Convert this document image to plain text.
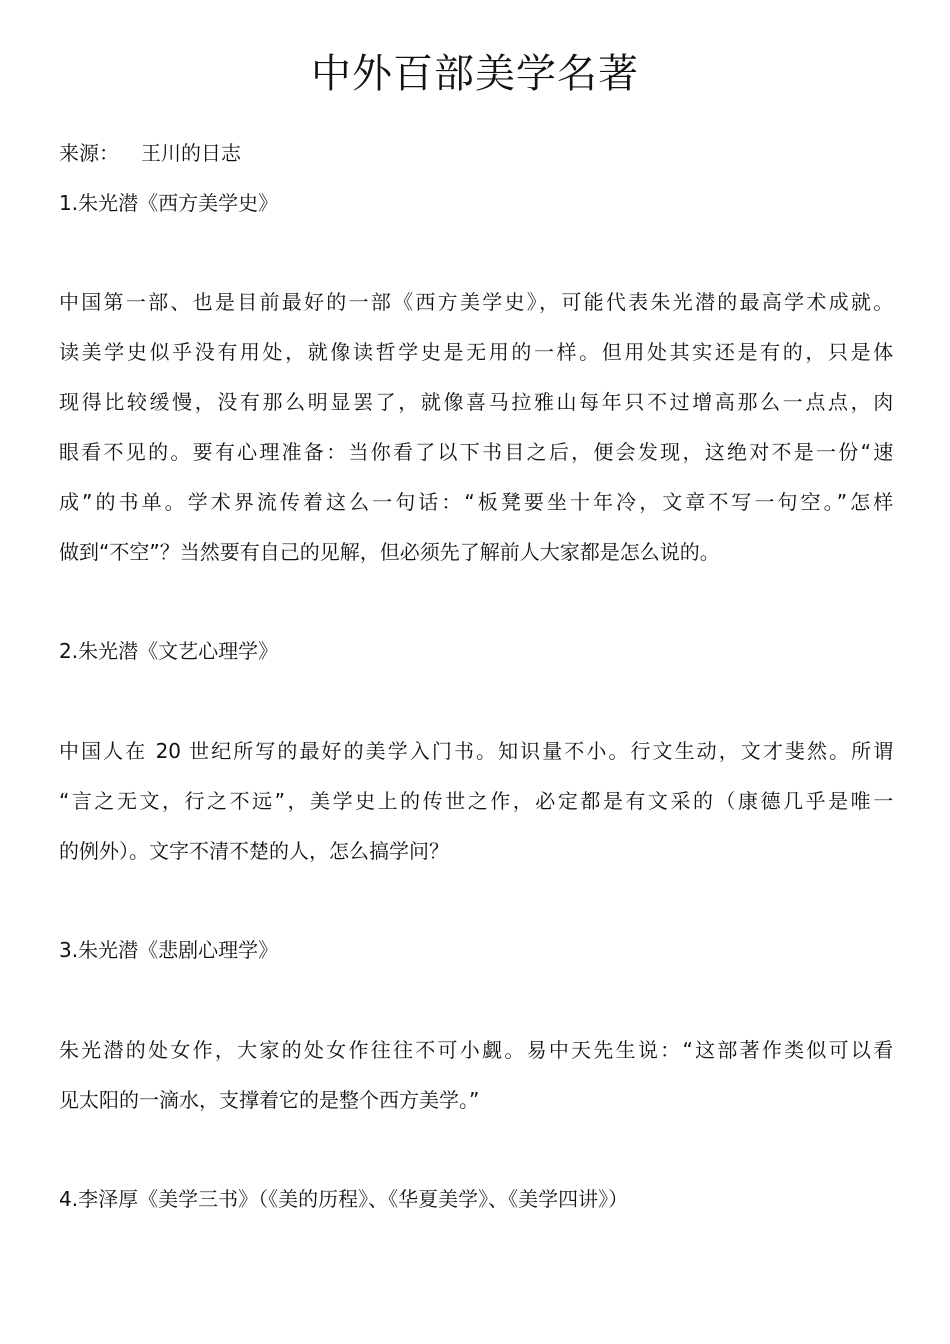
中外百部美学名著

来源： 王川的日志

1.朱光潜《西方美学史》

中国第一部、也是目前最好的一部《西方美学史》，可能代表朱光潜的最高学术成就。

读美学史似乎没有用处，就像读哲学史是无用的一样。但用处其实还是有的，只是体

现得比较缓慢，没有那么明显罢了，就像喜马拉雅山每年只不过增高那么一点点，肉

眼看不见的。要有心理准备：当你看了以下书目之后，便会发现，这绝对不是一份“速

成”的书单。学术界流传着这么一句话：“板凳要坐十年冷，文章不写一句空。”怎样

做到“不空”？当然要有自己的见解，但必须先了解前人大家都是怎么说的。

2.朱光潜《文艺心理学》

中国人在 20 世纪所写的最好的美学入门书。知识量不小。行文生动，文才斐然。所谓

“言之无文，行之不远”，美学史上的传世之作，必定都是有文采的（康德几乎是唯一

的例外）。文字不清不楚的人，怎么搞学问？

3.朱光潜《悲剧心理学》

朱光潜的处女作，大家的处女作往往不可小觑。易中天先生说：“这部著作类似可以看

见太阳的一滴水，支撑着它的是整个西方美学。”

4.李泽厚《美学三书》（《美的历程》、《华夏美学》、《美学四讲》）
